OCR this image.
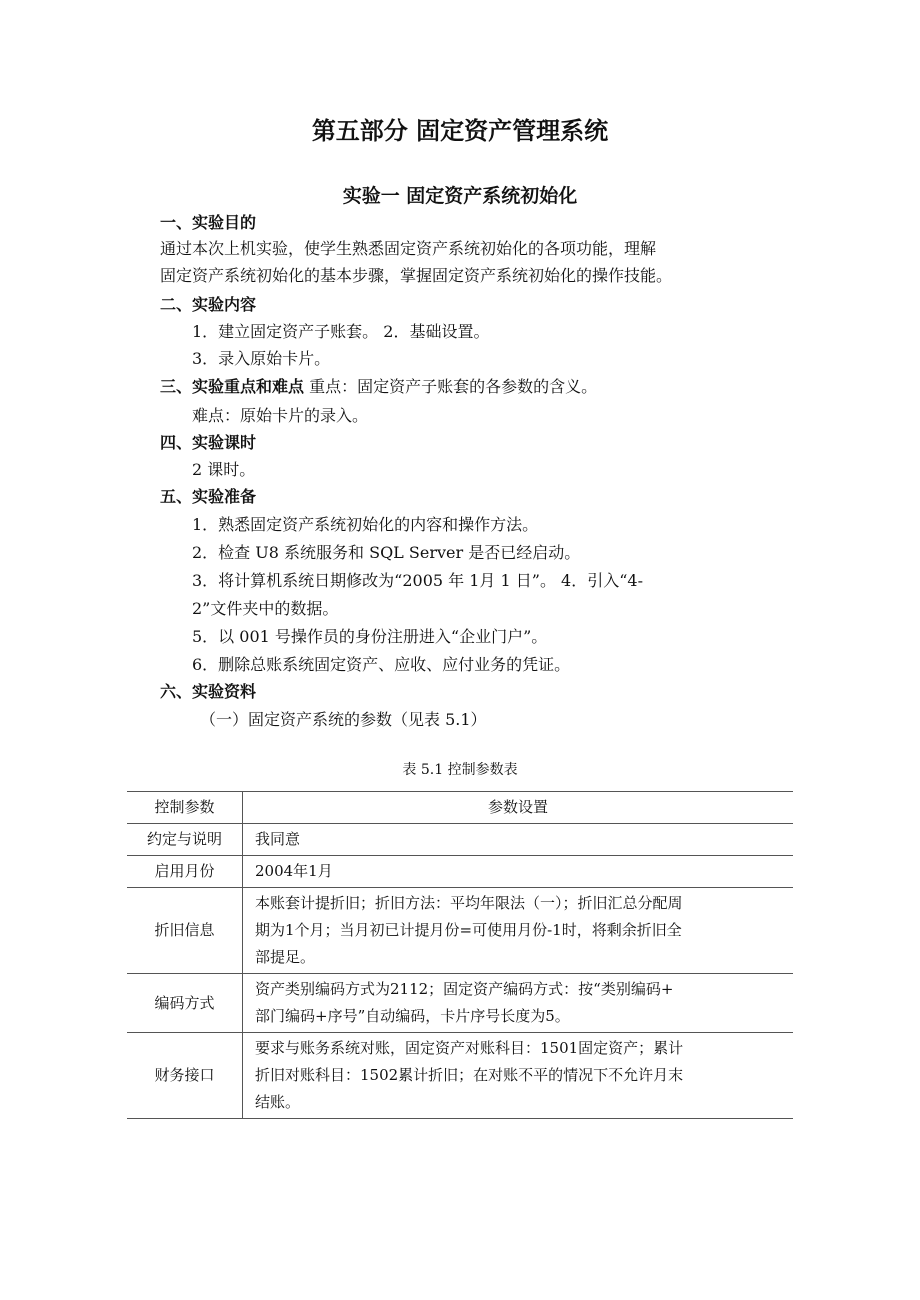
第五部分 固定资产管理系统
实验一 固定资产系统初始化
一、实验目的
通过本次上机实验，使学生熟悉固定资产系统初始化的各项功能，理解
固定资产系统初始化的基本步骤，掌握固定资产系统初始化的操作技能。
二、实验内容
1．建立固定资产子账套。 2．基础设置。
3．录入原始卡片。
三、实验重点和难点 重点：固定资产子账套的各参数的含义。
难点：原始卡片的录入。
四、实验课时
2 课时。
五、实验准备
1．熟悉固定资产系统初始化的内容和操作方法。
2．检查 U8 系统服务和 SQL Server 是否已经启动。
3．将计算机系统日期修改为“2005 年 1月 1 日”。 4．引入“4-
2”文件夹中的数据。
5．以 001 号操作员的身份注册进入“企业门户”。
6．删除总账系统固定资产、应收、应付业务的凭证。
六、实验资料
（一）固定资产系统的参数（见表 5.1）
表 5.1 控制参数表
控制参数	参数设置
约定与说明	我同意

启用月份	2004年1月

折旧信息	本账套计提折旧；折旧方法：平均年限法（一）；折旧汇总分配周
期为1个月；当月初已计提月份=可使用月份-1时，将剩余折旧全
部提足。

编码方式	资产类别编码方式为2112；固定资产编码方式：按“类别编码+
部门编码+序号”自动编码，卡片序号长度为5。

财务接口	要求与账务系统对账，固定资产对账科目：1501固定资产；累计
折旧对账科目：1502累计折旧；在对账不平的情况下不允许月末
结账。
